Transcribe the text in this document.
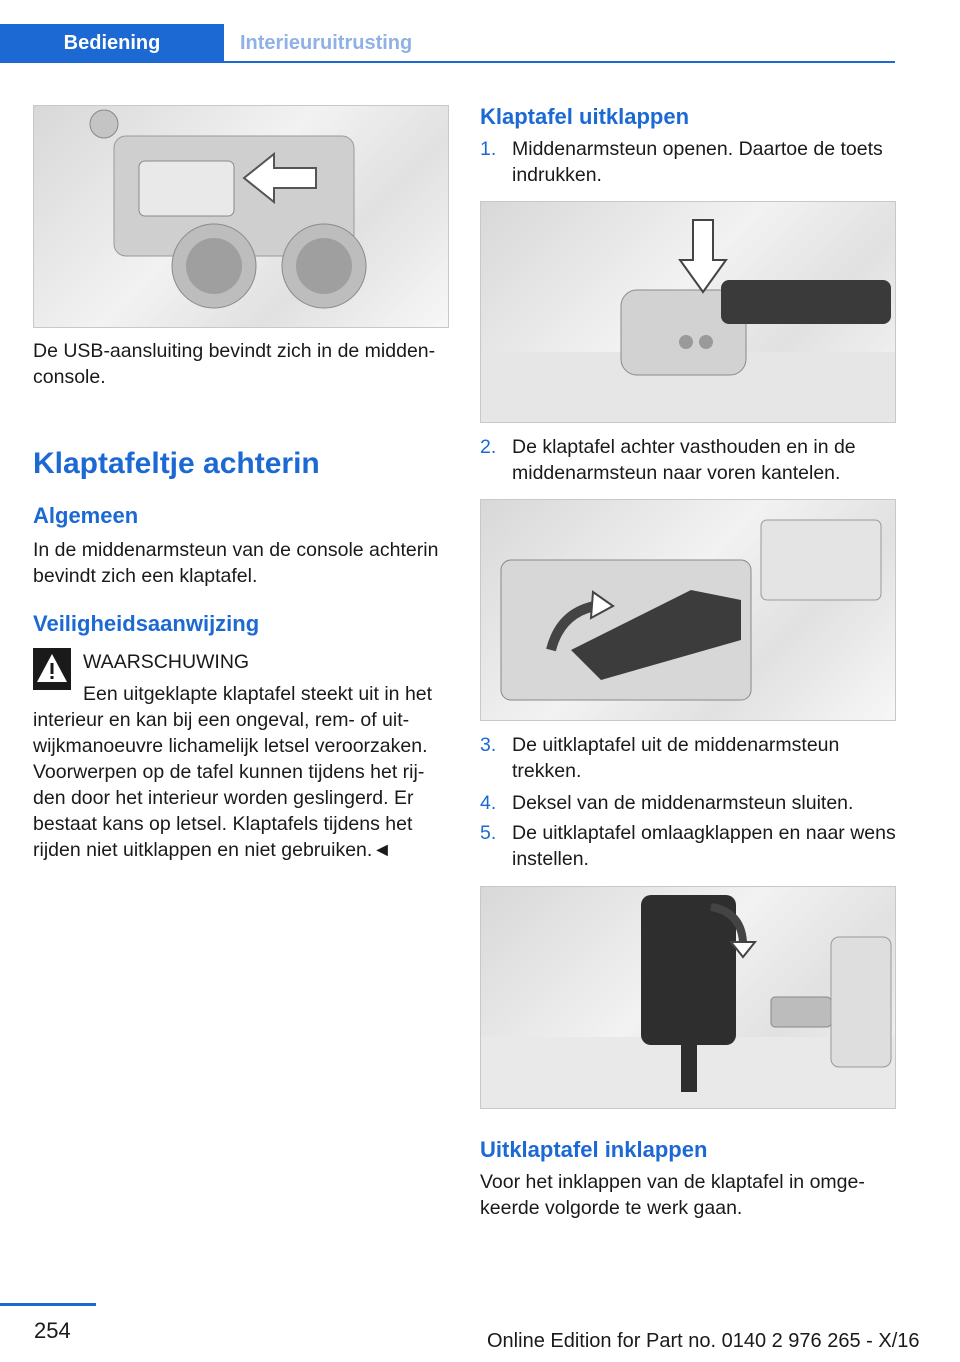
Bediening	Interieuruitrusting
De USB-aansluiting bevindt zich in de middenconsole.
Klaptafeltje achterin
Algemeen
In de middenarmsteun van de console achterin bevindt zich een klaptafel.
Veiligheidsaanwijzing
WAARSCHUWING
Een uitgeklapte klaptafel steekt uit in het interieur en kan bij een ongeval, rem- of uitwijkmanoeuvre lichamelijk letsel veroorzaken. Voorwerpen op de tafel kunnen tijdens het rijden door het interieur worden geslingerd. Er bestaat kans op letsel. Klaptafels tijdens het rijden niet uitklappen en niet gebruiken.◄
Klaptafel uitklappen
1. Middenarmsteun openen. Daartoe de toets indrukken.
2. De klaptafel achter vasthouden en in de middenarmsteun naar voren kantelen.
3. De uitklaptafel uit de middenarmsteun trekken.
4. Deksel van de middenarmsteun sluiten.
5. De uitklaptafel omlaagklappen en naar wens instellen.
Uitklaptafel inklappen
Voor het inklappen van de klaptafel in omgekeerde volgorde te werk gaan.
254	Online Edition for Part no. 0140 2 976 265 - X/16
